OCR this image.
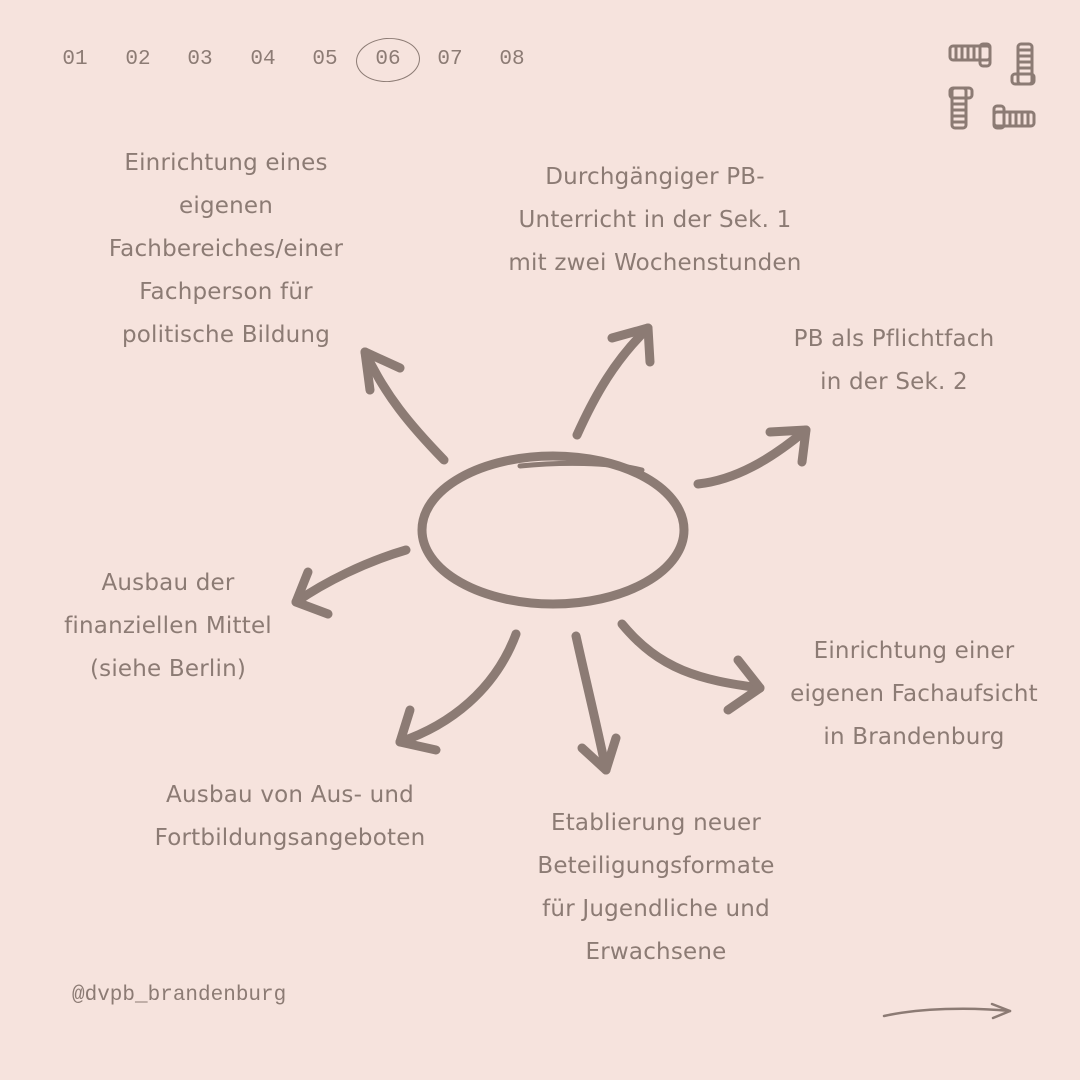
01	02	03	04	05	06	07	08
Einrichtung eines
eigenen
Fachbereiches/einer
Fachperson für
politische Bildung
Durchgängiger PB-
Unterricht in der Sek. 1
mit zwei Wochenstunden
PB als Pflichtfach
in der Sek. 2
Ausbau der
finanziellen Mittel
(siehe Berlin)
Einrichtung einer
eigenen Fachaufsicht
in Brandenburg
Ausbau von Aus- und
Fortbildungsangeboten
Etablierung neuer
Beteiligungsformate
für Jugendliche und
Erwachsene
@dvpb_brandenburg
